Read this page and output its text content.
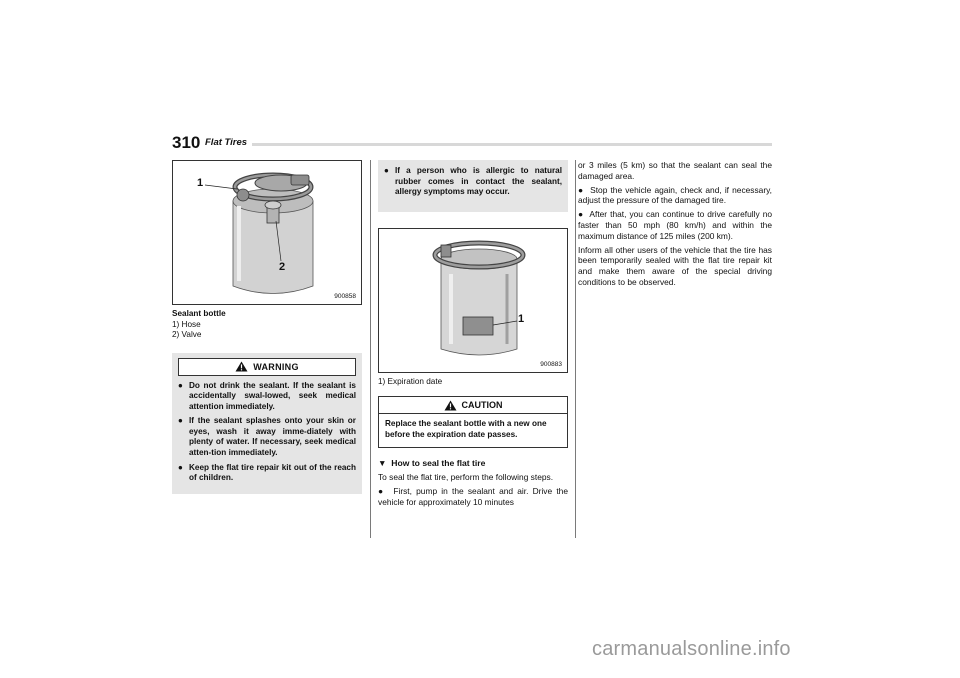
310 Flat Tires
1
2
900858
Sealant bottle
1) Hose
2) Valve
WARNING
● Do not drink the sealant. If the sealant is accidentally swal-lowed, seek medical attention immediately.
● If the sealant splashes onto your skin or eyes, wash it away imme-diately with plenty of water. If necessary, seek medical atten-tion immediately.
● Keep the flat tire repair kit out of the reach of children.
● If a person who is allergic to natural rubber comes in contact the sealant, allergy symptoms may occur.
1
900883
1) Expiration date
CAUTION
Replace the sealant bottle with a new one before the expiration date passes.
▼ How to seal the flat tire

To seal the flat tire, perform the following steps.

● First, pump in the sealant and air. Drive the vehicle for approximately 10 minutes

or 3 miles (5 km) so that the sealant can seal the damaged area.

● Stop the vehicle again, check and, if necessary, adjust the pressure of the damaged tire.

● After that, you can continue to drive carefully no faster than 50 mph (80 km/h) and within the maximum distance of 125 miles (200 km).

Inform all other users of the vehicle that the tire has been temporarily sealed with the flat tire repair kit and make them aware of the special driving conditions to be observed.

carmanualsonline.info
